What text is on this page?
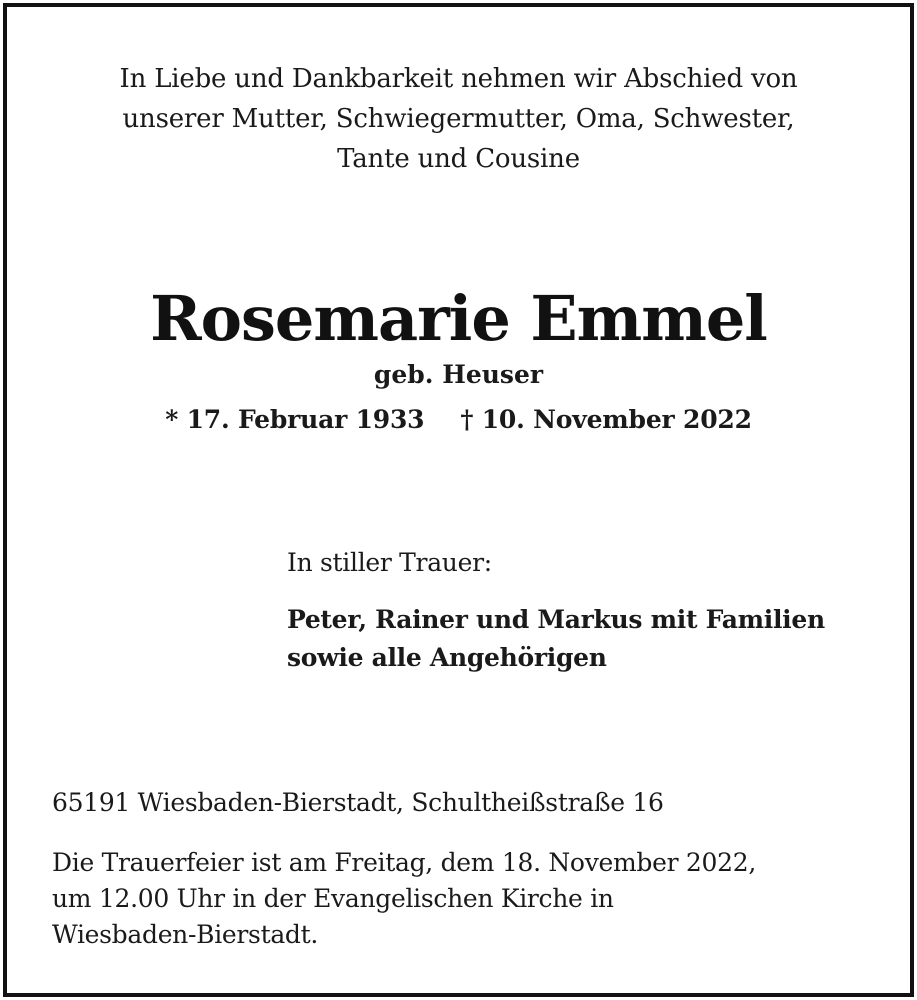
In Liebe und Dankbarkeit nehmen wir Abschied von
unserer Mutter, Schwiegermutter, Oma, Schwester,
Tante und Cousine
Rosemarie Emmel
geb. Heuser
* 17. Februar 1933 † 10. November 2022
In stiller Trauer:
Peter, Rainer und Markus mit Familien
sowie alle Angehörigen
65191 Wiesbaden-Bierstadt, Schultheißstraße 16
Die Trauerfeier ist am Freitag, dem 18. November 2022,
um 12.00 Uhr in der Evangelischen Kirche in
Wiesbaden-Bierstadt.
